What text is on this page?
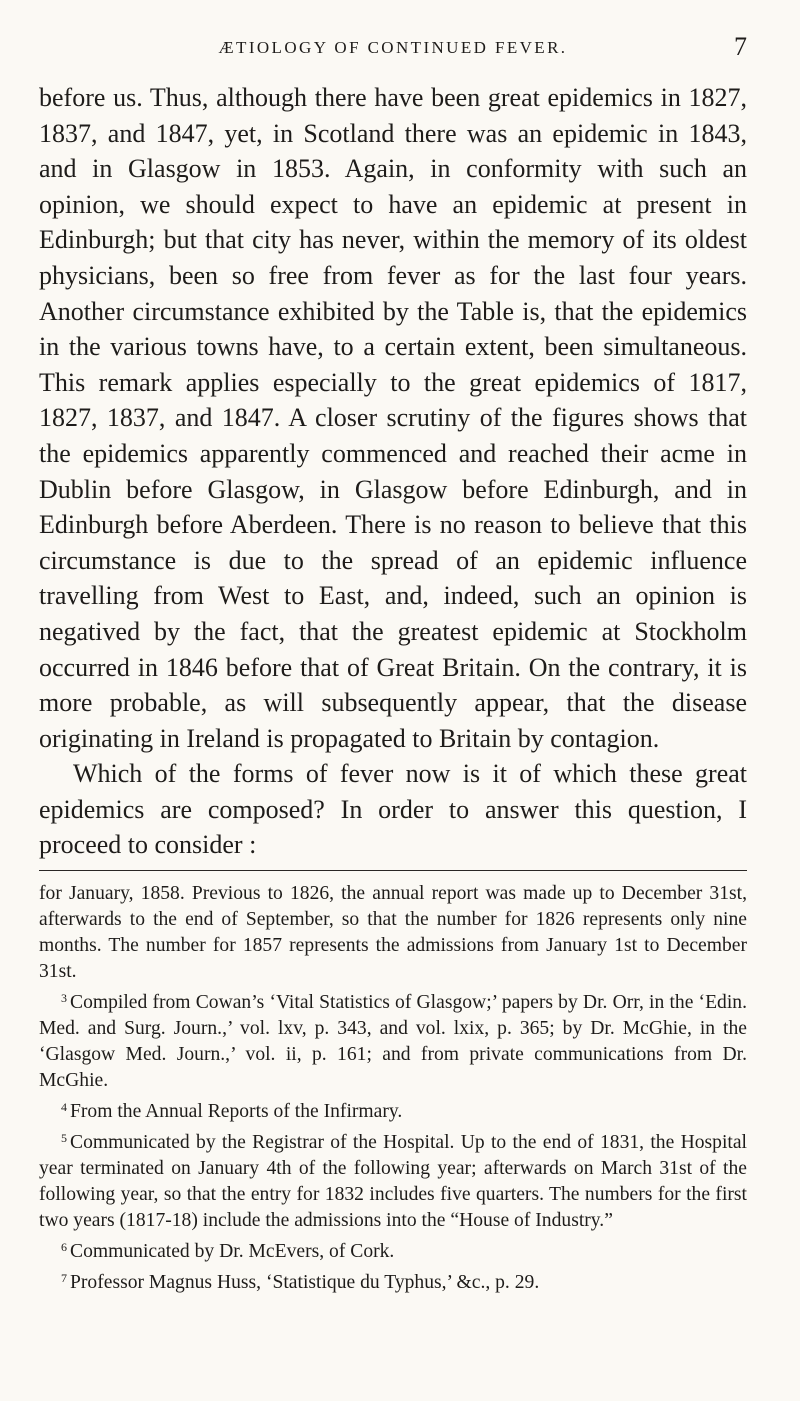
ÆTIOLOGY OF CONTINUED FEVER.	7

before us. Thus, although there have been great epidemics in 1827, 1837, and 1847, yet, in Scotland there was an epidemic in 1843, and in Glasgow in 1853. Again, in conformity with such an opinion, we should expect to have an epidemic at present in Edinburgh; but that city has never, within the memory of its oldest physicians, been so free from fever as for the last four years. Another circumstance exhibited by the Table is, that the epidemics in the various towns have, to a certain extent, been simultaneous. This remark applies especially to the great epidemics of 1817, 1827, 1837, and 1847. A closer scrutiny of the figures shows that the epidemics apparently commenced and reached their acme in Dublin before Glasgow, in Glasgow before Edinburgh, and in Edinburgh before Aberdeen. There is no reason to believe that this circumstance is due to the spread of an epidemic influence travelling from West to East, and, indeed, such an opinion is negatived by the fact, that the greatest epidemic at Stockholm occurred in 1846 before that of Great Britain. On the contrary, it is more probable, as will subsequently appear, that the disease originating in Ireland is propagated to Britain by contagion.

Which of the forms of fever now is it of which these great epidemics are composed? In order to answer this question, I proceed to consider :

for January, 1858. Previous to 1826, the annual report was made up to December 31st, afterwards to the end of September, so that the number for 1826 represents only nine months. The number for 1857 represents the admissions from January 1st to December 31st.

$^3$ Compiled from Cowan’s ‘Vital Statistics of Glasgow;’ papers by Dr. Orr, in the ‘Edin. Med. and Surg. Journ.,’ vol. lxv, p. 343, and vol. lxix, p. 365; by Dr. McGhie, in the ‘Glasgow Med. Journ.,’ vol. ii, p. 161; and from private communications from Dr. McGhie.

$^4$ From the Annual Reports of the Infirmary.

$^5$ Communicated by the Registrar of the Hospital. Up to the end of 1831, the Hospital year terminated on January 4th of the following year; afterwards on March 31st of the following year, so that the entry for 1832 includes five quarters. The numbers for the first two years (1817-18) include the admissions into the “House of Industry.”

$^6$ Communicated by Dr. McEvers, of Cork.

$^7$ Professor Magnus Huss, ‘Statistique du Typhus,’ &c., p. 29.
